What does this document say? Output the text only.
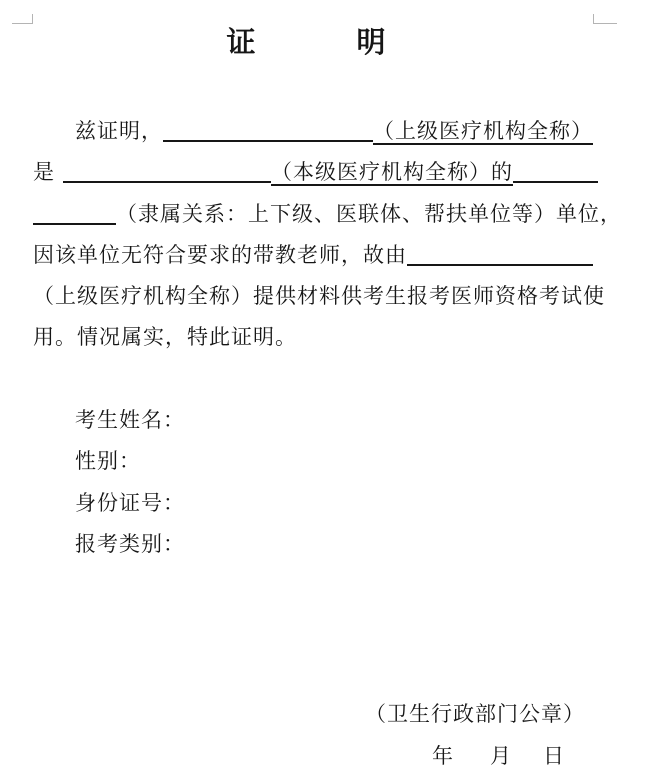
证	明
兹证明，	（上级医疗机构全称）
是	（本级医疗机构全称）的
（隶属关系：上下级、医联体、帮扶单位等）单位，
因该单位无符合要求的带教老师，故由
（上级医疗机构全称）提供材料供考生报考医师资格考试使
用。情况属实，特此证明。
考生姓名：
性别：
身份证号：
报考类别：
（卫生行政部门公章）
年 月 日
